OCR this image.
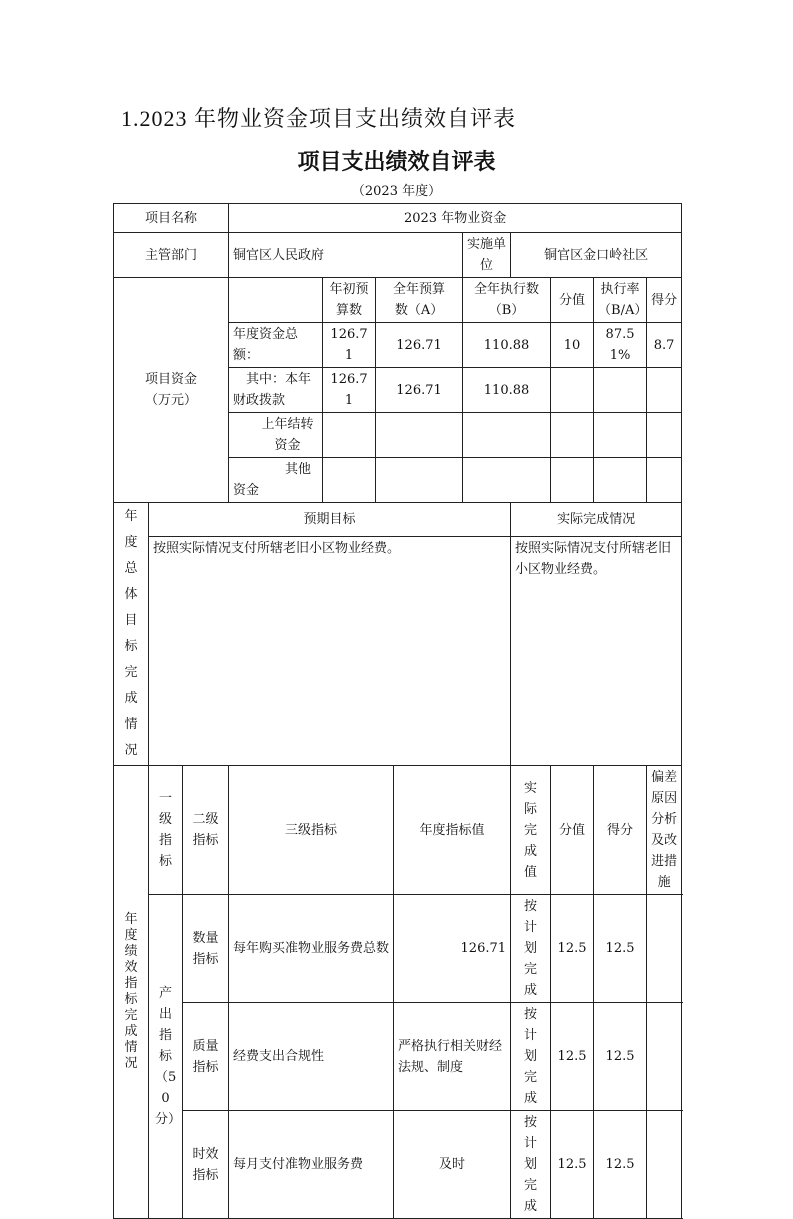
1.2023 年物业资金项目支出绩效自评表
项目支出绩效自评表
（2023 年度）
项目名称			2023 年物业资金								
主管部门			铜官区人民政府				实施单位	铜官区金口岭社区			
项目资金（万元）				年初预算数	全年预算数（A）		全年执行数（B）		分值	执行率（B/A）	得分
			年度资金总额：	126.71	126.71		110.88		10	87.51%	8.7
			其中：本年财政拨款	126.71	126.71		110.88				
			上年结转资金								
			其他资金								

年度总体目标完成情况	预期目标							实际完成情况			
	按照实际情况支付所辖老旧小区物业经费。							按照实际情况支付所辖老旧小区物业经费。			

年度绩效指标完成情况	一级指标	二级指标	三级指标			年度指标值		实际完成值	分值	得分	偏差原因分析及改进措施
	产出指标（50分）	数量指标	每年购买准物业服务费总数			126.71		按计划完成	12.5	12.5	
		质量指标	经费支出合规性			严格执行相关财经法规、制度		按计划完成	12.5	12.5	
		时效指标	每月支付准物业服务费			及时		按计划完成	12.5	12.5	
